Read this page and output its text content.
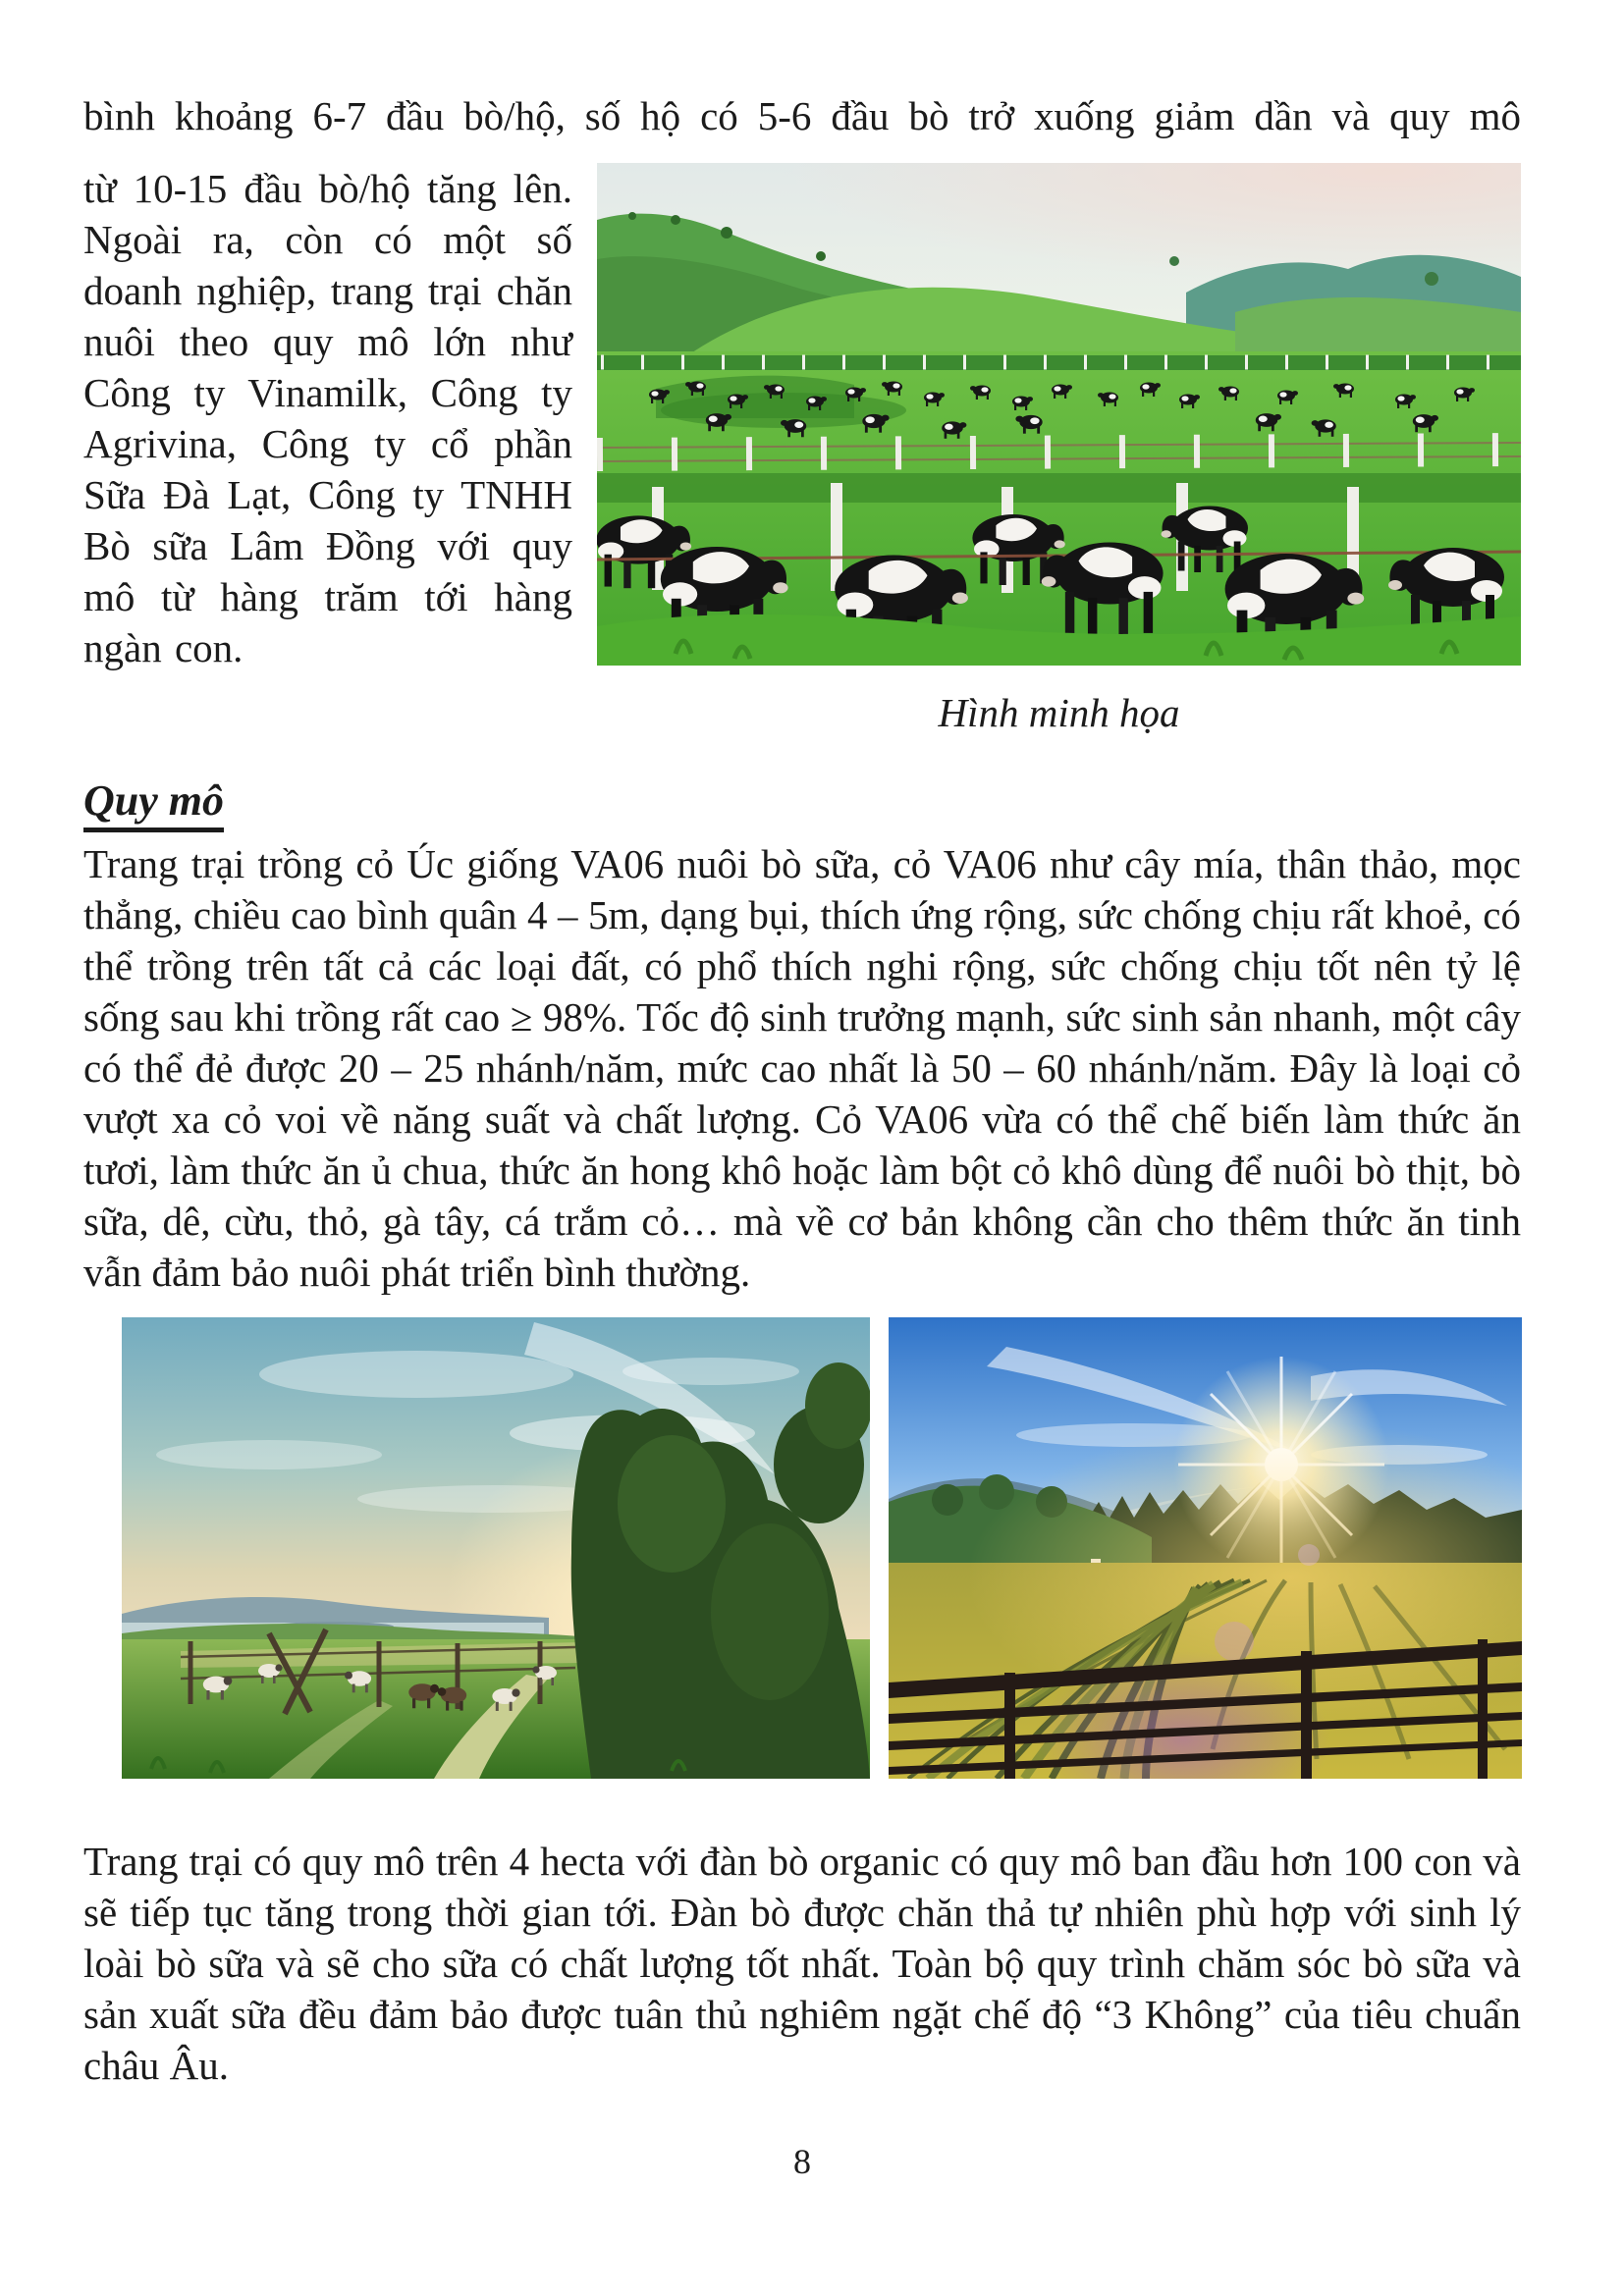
bình khoảng 6-7 đầu bò/hộ, số hộ có 5-6 đầu bò trở xuống giảm dần và quy mô
từ 10-15 đầu bò/hộ tăng lên. Ngoài ra, còn có một số doanh nghiệp, trang trại chăn nuôi theo quy mô lớn như Công ty Vinamilk, Công ty Agrivina, Công ty cổ phần Sữa Đà Lạt, Công ty TNHH Bò sữa Lâm Đồng với quy mô từ hàng trăm tới hàng ngàn con.
Hình minh họa
Quy mô
Trang trại trồng cỏ Úc giống VA06 nuôi bò sữa, cỏ VA06 như cây mía, thân thảo, mọc thẳng, chiều cao bình quân 4 – 5m, dạng bụi, thích ứng rộng, sức chống chịu rất khoẻ, có thể trồng trên tất cả các loại đất, có phổ thích nghi rộng, sức chống chịu tốt nên tỷ lệ sống sau khi trồng rất cao ≥ 98%. Tốc độ sinh trưởng mạnh, sức sinh sản nhanh, một cây có thể đẻ được 20 – 25 nhánh/năm, mức cao nhất là 50 – 60 nhánh/năm. Đây là loại cỏ vượt xa cỏ voi về năng suất và chất lượng. Cỏ VA06 vừa có thể chế biến làm thức ăn tươi, làm thức ăn ủ chua, thức ăn hong khô hoặc làm bột cỏ khô dùng để nuôi bò thịt, bò sữa, dê, cừu, thỏ, gà tây, cá trắm cỏ… mà về cơ bản không cần cho thêm thức ăn tinh vẫn đảm bảo nuôi phát triển bình thường.
Trang trại có quy mô trên 4 hecta với đàn bò organic có quy mô ban đầu hơn 100 con và sẽ tiếp tục tăng trong thời gian tới. Đàn bò được chăn thả tự nhiên phù hợp với sinh lý loài bò sữa và sẽ cho sữa có chất lượng tốt nhất. Toàn bộ quy trình chăm sóc bò sữa và sản xuất sữa đều đảm bảo được tuân thủ nghiêm ngặt chế độ “3 Không” của tiêu chuẩn châu Âu.
8
